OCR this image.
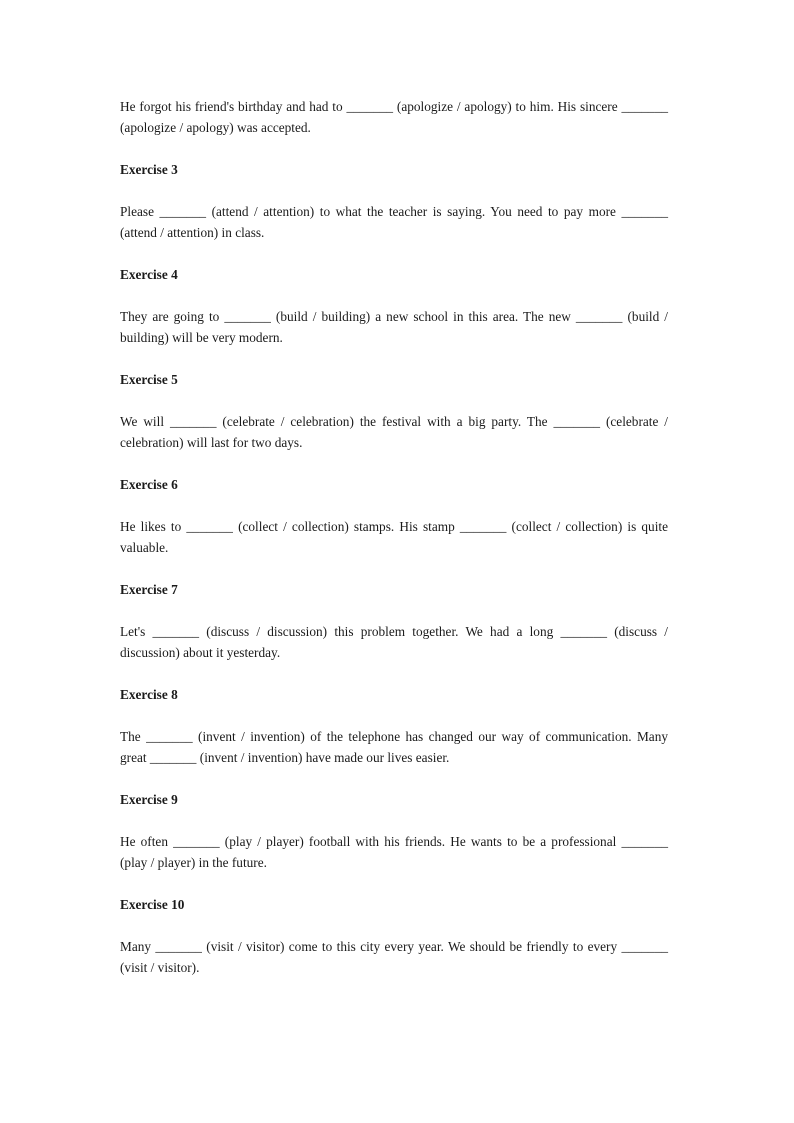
He forgot his friend's birthday and had to _______ (apologize / apology) to him. His sincere _______ (apologize / apology) was accepted.

Exercise 3

Please _______ (attend / attention) to what the teacher is saying. You need to pay more _______ (attend / attention) in class.

Exercise 4

They are going to _______ (build / building) a new school in this area. The new _______ (build / building) will be very modern.

Exercise 5

We will _______ (celebrate / celebration) the festival with a big party. The _______ (celebrate / celebration) will last for two days.

Exercise 6

He likes to _______ (collect / collection) stamps. His stamp _______ (collect / collection) is quite valuable.

Exercise 7

Let's _______ (discuss / discussion) this problem together. We had a long _______ (discuss / discussion) about it yesterday.

Exercise 8

The _______ (invent / invention) of the telephone has changed our way of communication. Many great _______ (invent / invention) have made our lives easier.

Exercise 9

He often _______ (play / player) football with his friends. He wants to be a professional _______ (play / player) in the future.

Exercise 10

Many _______ (visit / visitor) come to this city every year. We should be friendly to every _______ (visit / visitor).
